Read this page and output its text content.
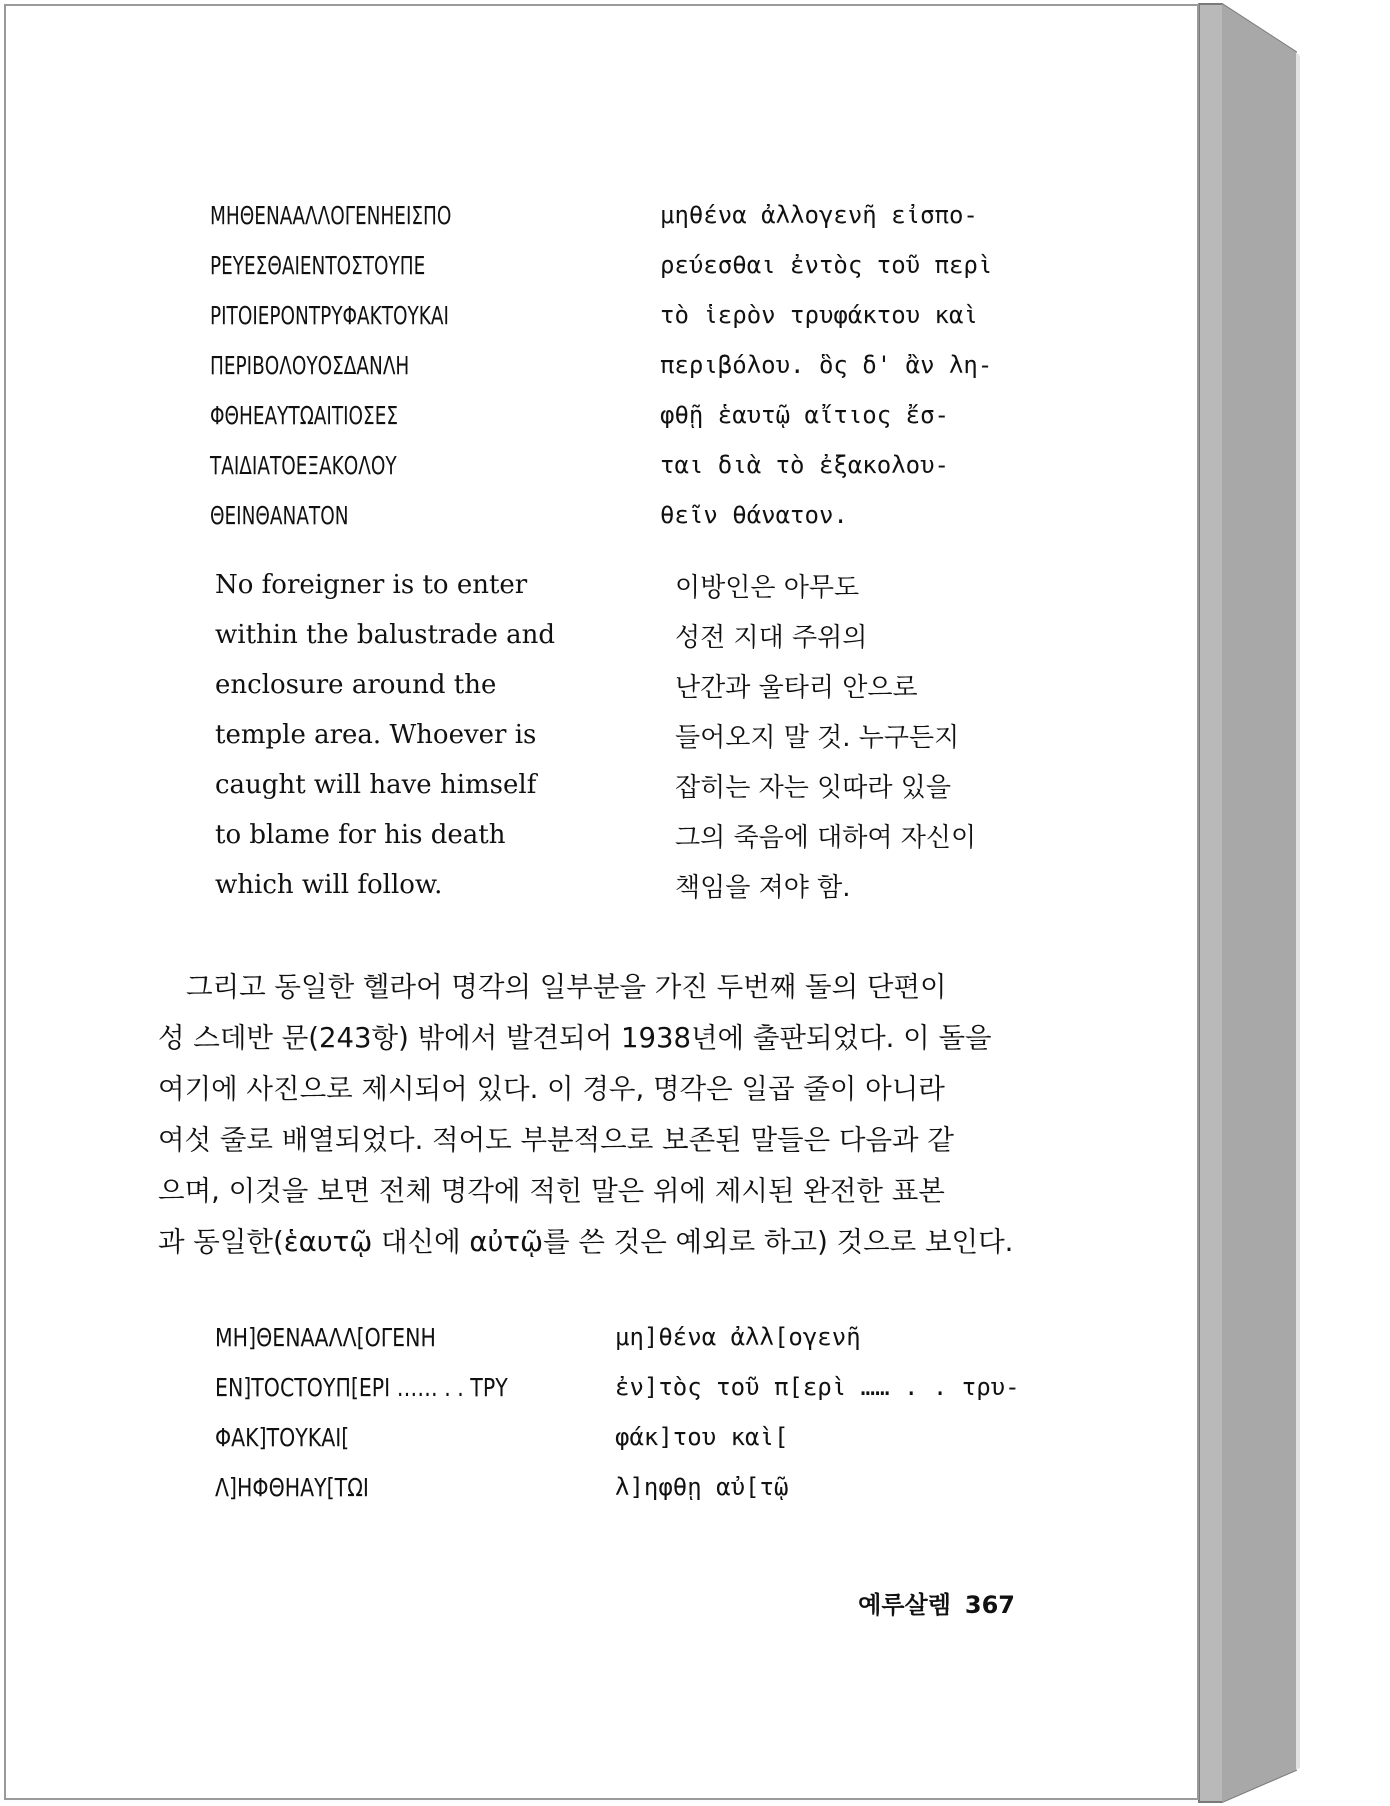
ΜΗΘΕΝΑΑΛΛΟΓΕΝΗΕΙΣΠΟ	μηθένα ἀλλογενῆ εἰσπο-
ΡΕΥΕΣΘΑΙΕΝΤΟΣΤΟΥΠΕ	ρεύεσθαι ἐντὸς τοῦ περὶ
ΡΙΤΟΙΕΡΟΝΤΡΥΦΑΚΤΟΥΚΑΙ	τὸ ἱερὸν τρυφάκτου καὶ
ΠΕΡΙΒΟΛΟΥΟΣΔΑΝΛΗ	περιβόλου. ὃς δ' ἂν λη-
ΦΘΗΕΑΥΤΩΑΙΤΙΟΣΕΣ	φθῇ ἑαυτῷ αἴτιος ἔσ-
ΤΑΙΔΙΑΤΟΕΞΑΚΟΛΟΥ	ται διὰ τὸ ἐξακολου-
ΘΕΙΝΘΑΝΑΤΟΝ	θεῖν θάνατον.
No foreigner is to enter	이방인은 아무도
within the balustrade and	성전 지대 주위의
enclosure around the	난간과 울타리 안으로
temple area. Whoever is	들어오지 말 것. 누구든지
caught will have himself	잡히는 자는 잇따라 있을
to blame for his death	그의 죽음에 대하여 자신이
which will follow.	책임을 져야 함.
그리고 동일한 헬라어 명각의 일부분을 가진 두번째 돌의 단편이
성 스데반 문(243항) 밖에서 발견되어 1938년에 출판되었다. 이 돌을
여기에 사진으로 제시되어 있다. 이 경우, 명각은 일곱 줄이 아니라
여섯 줄로 배열되었다. 적어도 부분적으로 보존된 말들은 다음과 같
으며, 이것을 보면 전체 명각에 적힌 말은 위에 제시된 완전한 표본
과 동일한(ἑαυτῷ 대신에 αὐτῷ를 쓴 것은 예외로 하고) 것으로 보인다.
ΜΗ]ΘΕΝΑΑΛΛ[ΟΓΕΝΗ	μη]θένα ἀλλ[ογενῆ
ΕΝ]ΤΟϹΤΟΥΠ[ΕΡΙ …… . . ΤΡΥ	ἐν]τὸς τοῦ π[ερὶ …… . . τρυ-
ΦΑΚ]ΤΟΥΚΑΙ[	φάκ]του καὶ[
Λ]ΗΦΘΗΑΥ[ΤΩΙ	λ]ηφθῃ αὐ[τῷ
예루살렘 367
